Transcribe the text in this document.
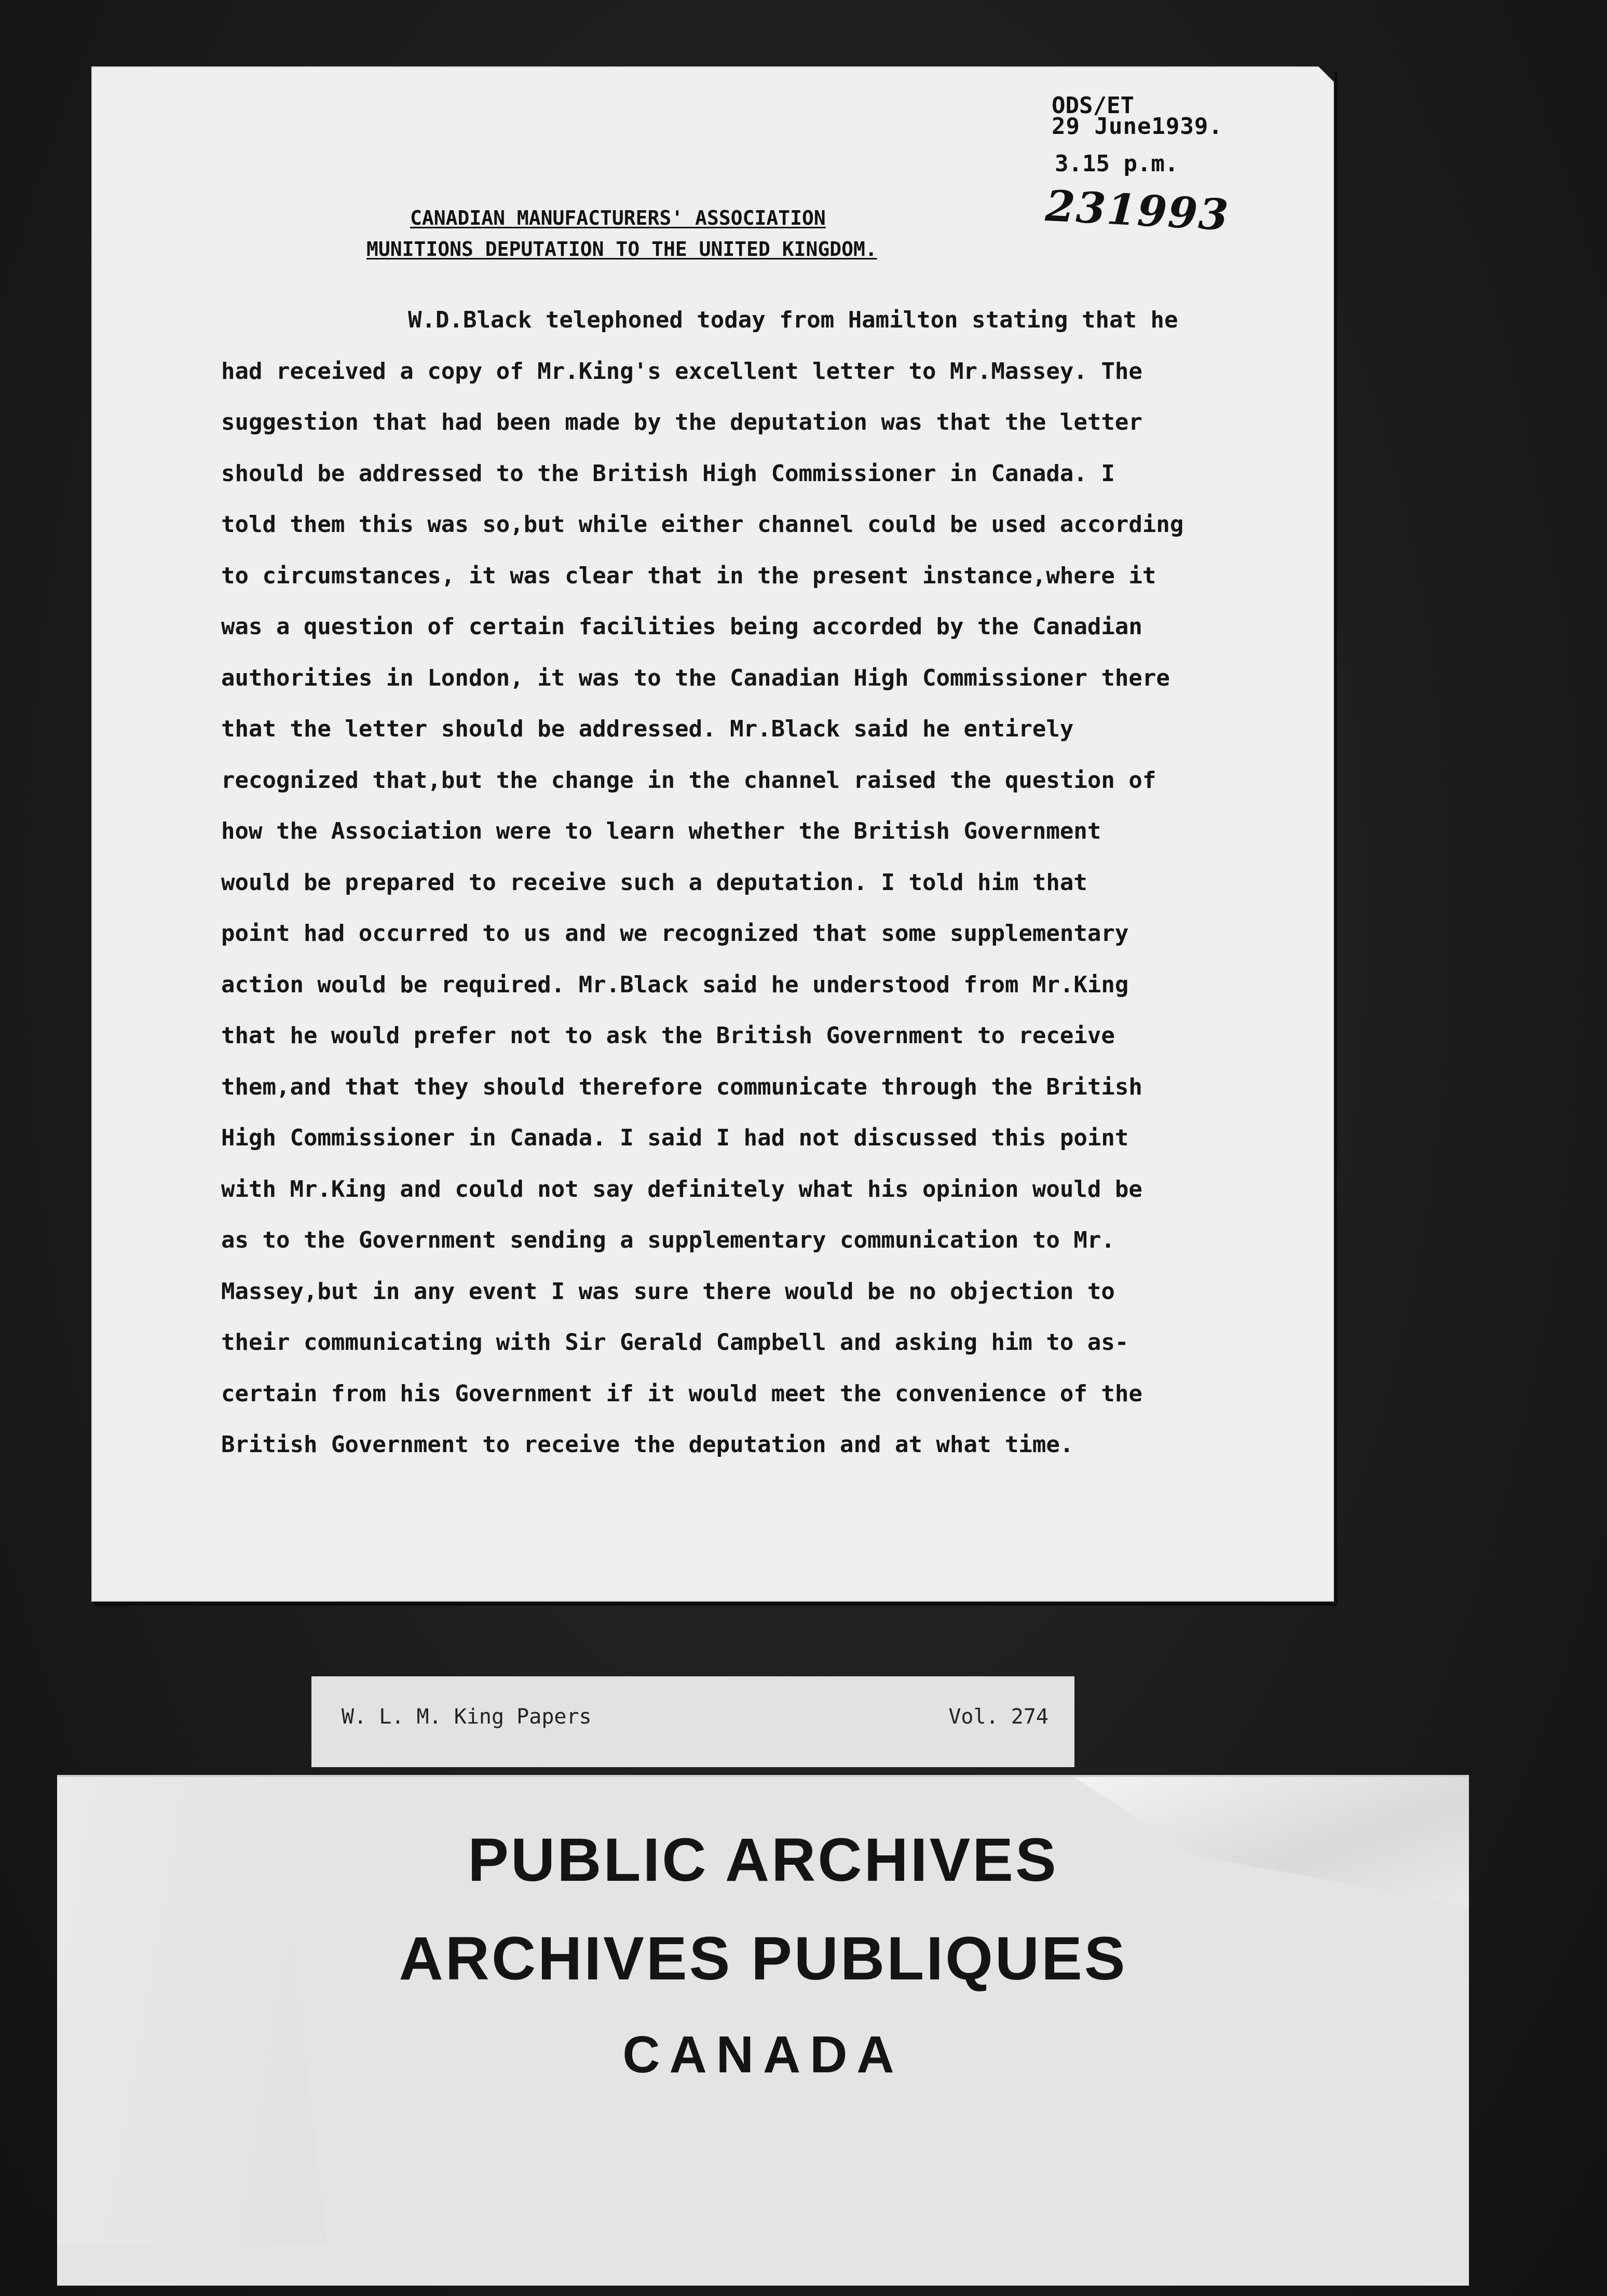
ODS/ET
29 June1939.
3.15 p.m.
231993
CANADIAN MANUFACTURERS' ASSOCIATION
MUNITIONS DEPUTATION TO THE UNITED KINGDOM.
W.D.Black telephoned today from Hamilton stating that he
had received a copy of Mr.King's excellent letter to Mr.Massey. The
suggestion that had been made by the deputation was that the letter
should be addressed to the British High Commissioner in Canada. I
told them this was so,but while either channel could be used according
to circumstances, it was clear that in the present instance,where it
was a question of certain facilities being accorded by the Canadian
authorities in London, it was to the Canadian High Commissioner there
that the letter should be addressed. Mr.Black said he entirely
recognized that,but the change in the channel raised the question of
how the Association were to learn whether the British Government
would be prepared to receive such a deputation. I told him that
point had occurred to us and we recognized that some supplementary
action would be required. Mr.Black said he understood from Mr.King
that he would prefer not to ask the British Government to receive
them,and that they should therefore communicate through the British
High Commissioner in Canada. I said I had not discussed this point
with Mr.King and could not say definitely what his opinion would be
as to the Government sending a supplementary communication to Mr.
Massey,but in any event I was sure there would be no objection to
their communicating with Sir Gerald Campbell and asking him to as-
certain from his Government if it would meet the convenience of the
British Government to receive the deputation and at what time.
W. L. M. King Papers	Vol. 274
PUBLIC ARCHIVES
ARCHIVES PUBLIQUES
CANADA
